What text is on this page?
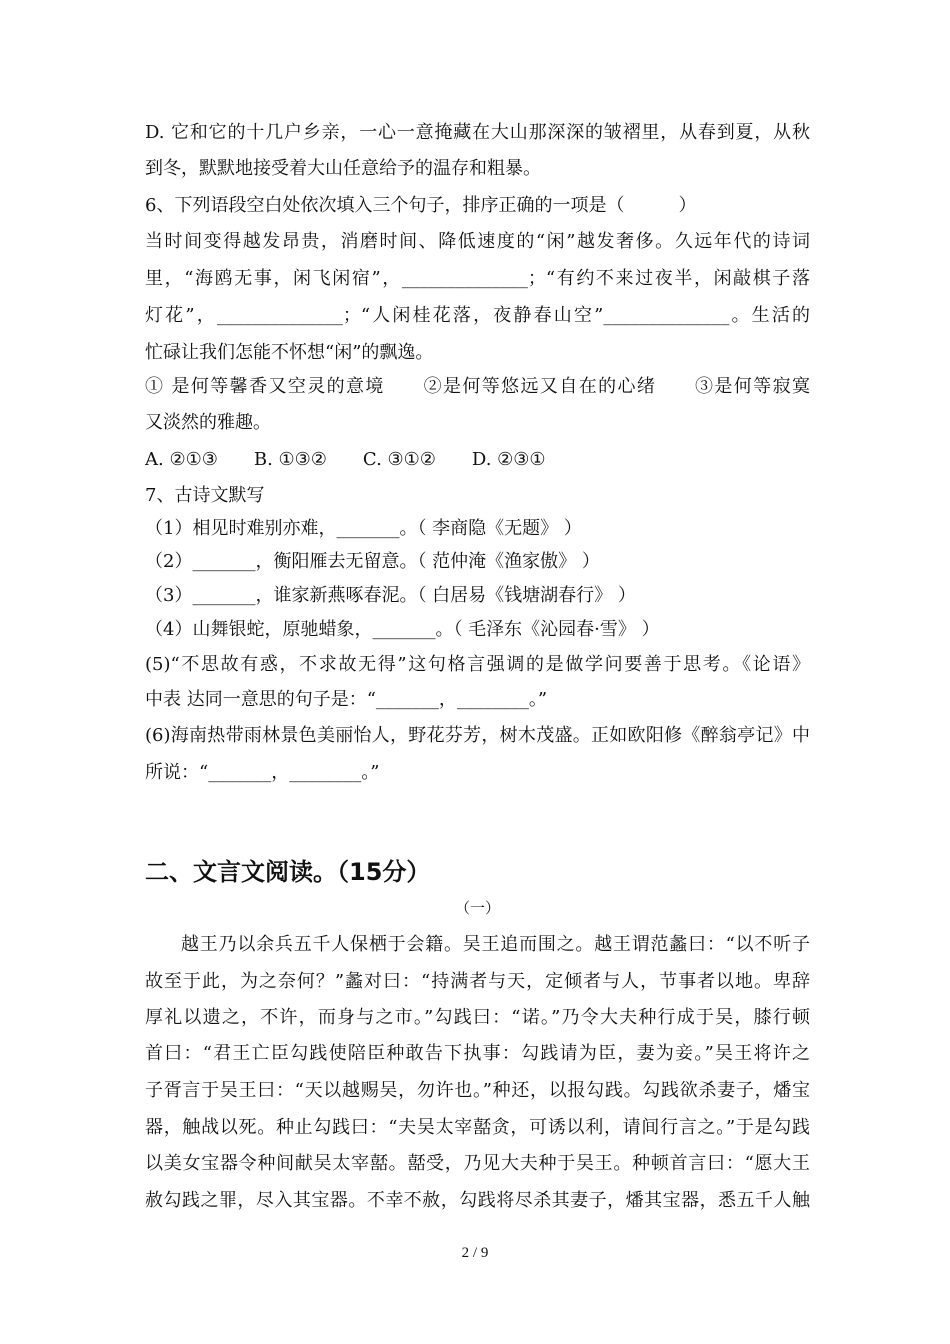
D. 它和它的十几户乡亲，一心一意掩藏在大山那深深的皱褶里，从春到夏，从秋
到冬，默默地接受着大山任意给予的温存和粗暴。
6、下列语段空白处依次填入三个句子，排序正确的一项是（　　　）
当时间变得越发昂贵，消磨时间、降低速度的“闲”越发奢侈。久远年代的诗词
里，“海鸥无事，闲飞闲宿”，______________；“有约不来过夜半，闲敲棋子落
灯花”，______________；“人闲桂花落，夜静春山空”______________。生活的
忙碌让我们怎能不怀想“闲”的飘逸。
① 是何等馨香又空灵的意境　　②是何等悠远又自在的心绪　　③是何等寂寞
又淡然的雅趣。
A. ②①③　　B. ①③②　　C. ③①②　　D. ②③①
7、古诗文默写
（1）相见时难别亦难，_______。（ 李商隐《无题》 ）
（2）_______，衡阳雁去无留意。（ 范仲淹《渔家傲》 ）
（3）_______，谁家新燕啄春泥。（ 白居易《钱塘湖春行》 ）
（4）山舞银蛇，原驰蜡象，_______。（ 毛泽东《沁园春·雪》 ）
(5)“不思故有惑，不求故无得”这句格言强调的是做学问要善于思考。《论语》
中表 达同一意思的句子是：“_______，________。”
(6)海南热带雨林景色美丽怡人，野花芬芳，树木茂盛。正如欧阳修《醉翁亭记》中
所说：“_______，________。”
二、文言文阅读。（15分）
（一）
越王乃以余兵五千人保栖于会籍。吴王追而围之。越王谓范蠡曰：“以不听子
故至于此，为之奈何？”蠡对曰：“持满者与天，定倾者与人，节事者以地。卑辞
厚礼以遗之，不许，而身与之市。”勾践曰：“诺。”乃令大夫种行成于吴，膝行顿
首曰：“君王亡臣勾践使陪臣种敢告下执事：勾践请为臣，妻为妾。”吴王将许之
子胥言于吴王曰：“天以越赐吴，勿许也。”种还，以报勾践。勾践欲杀妻子，燔宝
器，触战以死。种止勾践曰：“夫吴太宰嚭贪，可诱以利，请间行言之。”于是勾践
以美女宝器令种间献吴太宰嚭。嚭受，乃见大夫种于吴王。种顿首言曰：“愿大王
赦勾践之罪，尽入其宝器。不幸不赦，勾践将尽杀其妻子，燔其宝器，悉五千人触
2 / 9
